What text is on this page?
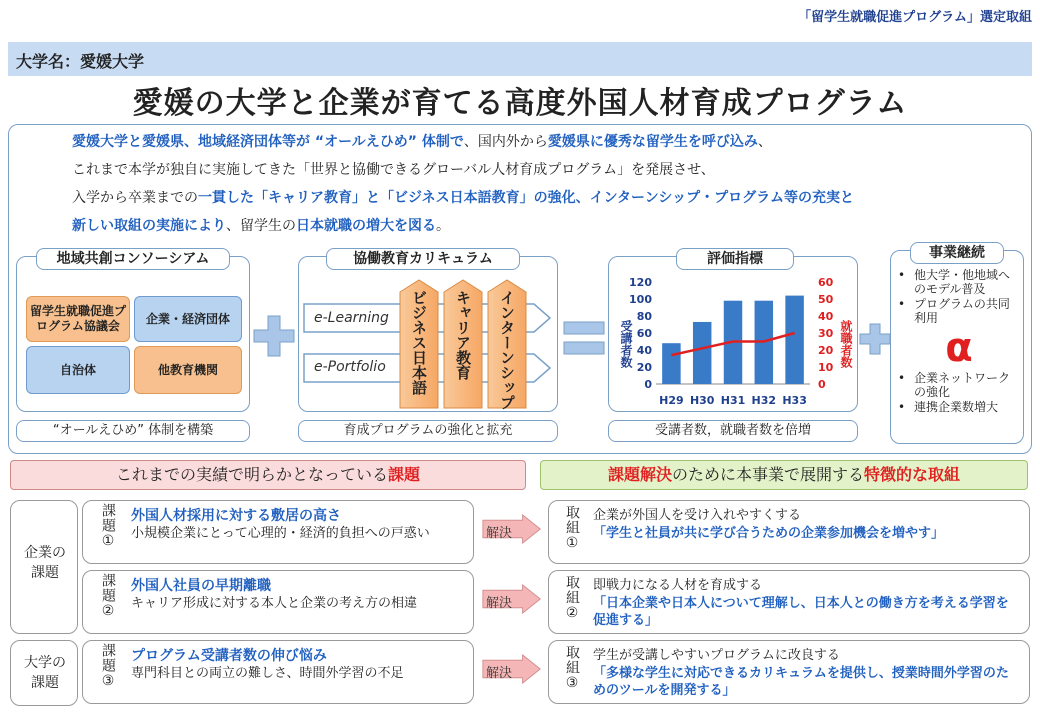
「留学生就職促進プログラム」選定取組
大学名：愛媛大学
愛媛の大学と企業が育てる高度外国人材育成プログラム
愛媛大学と愛媛県、地域経済団体等が “オールえひめ” 体制で、国内外から愛媛県に優秀な留学生を呼び込み、
これまで本学が独自に実施してきた「世界と協働できるグローバル人材育成プログラム」を発展させ、
入学から卒業までの一貫した「キャリア教育」と「ビジネス日本語教育」の強化、インターンシップ・プログラム等の充実と
新しい取組の実施により、留学生の日本就職の増大を図る。
地域共創コンソーシアム
留学生就職促進プログラム協議会
企業・経済団体
自治体	他教育機関
“オールえひめ” 体制を構築
協働教育カリキュラム
e-Learning
e-Portfolio ビジネス日本語 キャリア教育 インターンシップ
育成プログラムの強化と拡充
評価指標
0
20
40
60
80
100
120
0
10
20
30
40
50
60
受講者数	就職者数
H29 H30 H31 H32 H33
受講者数，就職者数を倍増
事業継続
• 他大学・他地域へのモデル普及
• プログラムの共同利用
α
• 企業ネットワークの強化
• 連携企業数増大
これまでの実績で明らかとなっている課題	課題解決のために本事業で展開する特徴的な取組
企業の課題
大学の課題
課題① 外国人材採用に対する敷居の高さ
小規模企業にとって心理的・経済的負担への戸惑い	解決	取組① 企業が外国人を受け入れやすくする
「学生と社員が共に学び合うための企業参加機会を増やす」
課題② 外国人社員の早期離職
キャリア形成に対する本人と企業の考え方の相違	解決	取組② 即戦力になる人材を育成する
「日本企業や日本人について理解し、日本人との働き方を考える学習を促進する」
課題③ プログラム受講者数の伸び悩み
専門科目との両立の難しさ、時間外学習の不足	解決	取組③ 学生が受講しやすいプログラムに改良する
「多様な学生に対応できるカリキュラムを提供し、授業時間外学習のためのツールを開発する」
